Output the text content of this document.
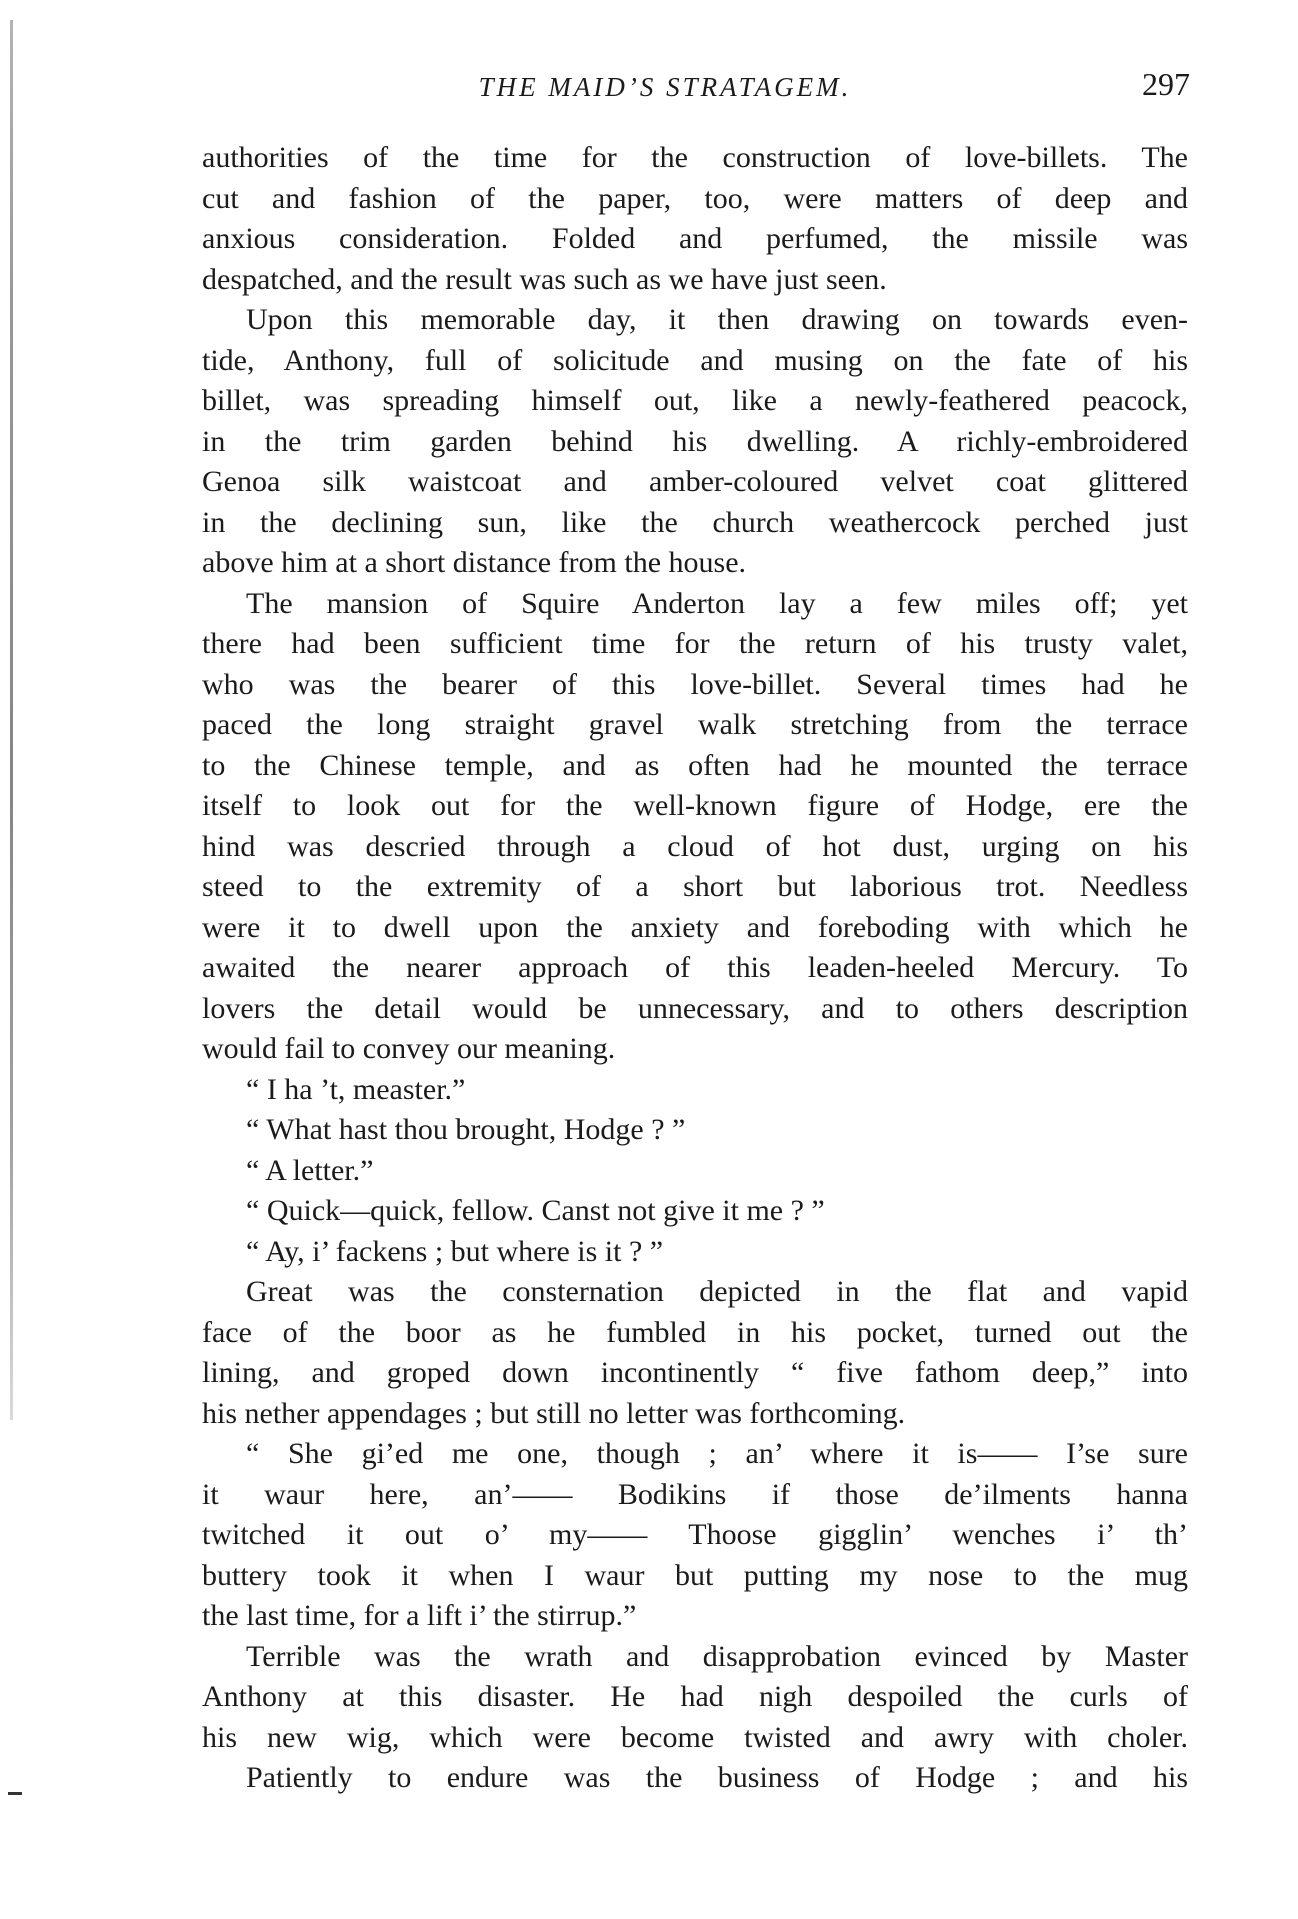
THE MAID’S STRATAGEM.	297
authorities of the time for the construction of love-billets. The
cut and fashion of the paper, too, were matters of deep and
anxious consideration. Folded and perfumed, the missile was
despatched, and the result was such as we have just seen.
Upon this memorable day, it then drawing on towards even-
tide, Anthony, full of solicitude and musing on the fate of his
billet, was spreading himself out, like a newly-feathered peacock,
in the trim garden behind his dwelling. A richly-embroidered
Genoa silk waistcoat and amber-coloured velvet coat glittered
in the declining sun, like the church weathercock perched just
above him at a short distance from the house.
The mansion of Squire Anderton lay a few miles off; yet
there had been sufficient time for the return of his trusty valet,
who was the bearer of this love-billet. Several times had he
paced the long straight gravel walk stretching from the terrace
to the Chinese temple, and as often had he mounted the terrace
itself to look out for the well-known figure of Hodge, ere the
hind was descried through a cloud of hot dust, urging on his
steed to the extremity of a short but laborious trot. Needless
were it to dwell upon the anxiety and foreboding with which he
awaited the nearer approach of this leaden-heeled Mercury. To
lovers the detail would be unnecessary, and to others description
would fail to convey our meaning.
“ I ha ’t, measter.”
“ What hast thou brought, Hodge ? ”
“ A letter.”
“ Quick—quick, fellow. Canst not give it me ? ”
“ Ay, i’ fackens ; but where is it ? ”
Great was the consternation depicted in the flat and vapid
face of the boor as he fumbled in his pocket, turned out the
lining, and groped down incontinently “ five fathom deep,” into
his nether appendages ; but still no letter was forthcoming.
“ She gi’ed me one, though ; an’ where it is—— I’se sure
it waur here, an’—— Bodikins if those de’ilments hanna
twitched it out o’ my—— Thoose gigglin’ wenches i’ th’
buttery took it when I waur but putting my nose to the mug
the last time, for a lift i’ the stirrup.”
Terrible was the wrath and disapprobation evinced by Master
Anthony at this disaster. He had nigh despoiled the curls of
his new wig, which were become twisted and awry with choler.
Patiently to endure was the business of Hodge ; and his
